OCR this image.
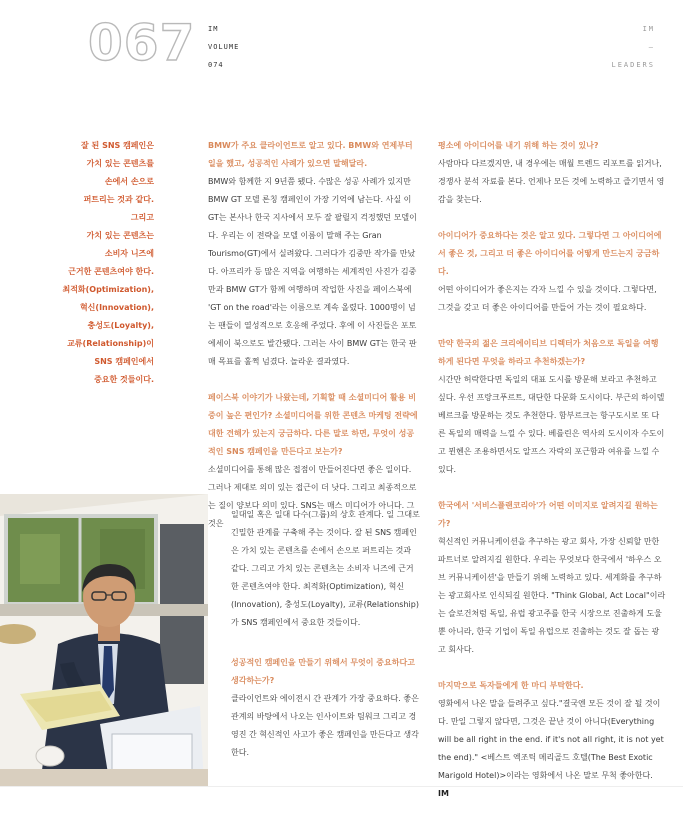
067 IM
VOLUME
074
IM
–
LEADERS
잘 된 SNS 캠페인은
가치 있는 콘텐츠를
손에서 손으로
퍼트리는 것과 같다.
그리고
가치 있는 콘텐츠는
소비자 니즈에
근거한 콘텐츠여야 한다.
최적화(Optimization),
혁신(Innovation),
충성도(Loyalty),
교류(Relationship)이
SNS 캠페인에서
중요한 것들이다.

BMW가 주요 클라이언트로 알고 있다. BMW와 연제부터 일을 했고, 성공적인 사례가 있으면 말해달라.

BMW와 함께한 지 9년쯤 됐다. 수많은 성공 사례가 있지만 BMW GT 모델 론칭 캠페인이 가장 기억에 남는다. 사실 이 GT는 본사나 한국 지사에서 모두 잘 팔릴지 걱정했던 모델이다. 우리는 이 전략을 모델 이름이 말해 주는 Gran Tourismo(GT)에서 실려왔다. 그러다가 김중만 작가를 만났다. 아프리카 등 많은 지역을 여행하는 세계적인 사진가 김중만과 BMW GT가 함께 여행하며 작업한 사진을 페이스북에 'GT on the road'라는 이름으로 계속 올렸다. 1000명이 넘는 팬들이 열성적으로 호응해 주었다. 후에 이 사진들은 포토 에세이 북으로도 발간됐다. 그러는 사이 BMW GT는 한국 판매 목표를 훌쩍 넘겼다. 놀라운 결과였다.

페이스북 이야기가 나왔는데, 기획할 때 소셜미디어 활용 비중이 높은 편인가? 소셜미디어를 위한 콘텐츠 마케팅 전략에 대한 견해가 있는지 궁금하다. 다른 말로 하면, 무엇이 성공적인 SNS 캠페인을 만든다고 보는가?

소셜미디어를 통해 많은 접점이 만들어진다면 좋은 일이다. 그러나 제대로 의미 있는 접근이 더 낫다. 그리고 최종적으로는 질이 양보다 의미 있다. SNS는 매스 미디어가 아니다. 그것은

일대일 혹은 일대 다수(그룹)의 상호 관계다. 일 그대로 긴밀한 관계를 구축해 주는 것이다. 잘 된 SNS 캠페인은 가치 있는 콘텐츠를 손에서 손으로 퍼트리는 것과 같다. 그리고 가치 있는 콘텐츠는 소비자 니즈에 근거한 콘텐츠여야 한다. 최적화(Optimization), 혁신(Innovation), 충성도(Loyalty), 교류(Relationship)가 SNS 캠페인에서 중요한 것들이다.

성공적인 캠페인을 만들기 위해서 무엇이 중요하다고 생각하는가?

클라이언트와 에이전시 간 관계가 가장 중요하다. 좋은 관계의 바탕에서 나오는 인사이트와 팀워크 그리고 경영진 간 혁신적인 사고가 좋은 캠페인을 만든다고 생각한다.

평소에 아이디어를 내기 위해 하는 것이 있나?

사람마다 다르겠지만, 내 경우에는 매월 트렌드 리포트를 읽거나, 경쟁사 분석 자료를 본다. 언제나 모든 것에 노력하고 즐기면서 영감을 찾는다.

아이디어가 중요하다는 것은 알고 있다. 그렇다면 그 아이디어에서 좋은 것, 그리고 더 좋은 아이디어를 어떻게 만드는지 궁금하다.

어떤 아이디어가 좋은지는 각자 느낄 수 있을 것이다. 그렇다면, 그것을 갖고 더 좋은 아이디어를 만들어 가는 것이 필요하다.

만약 한국의 젊은 크리에이티브 디렉터가 처음으로 독일을 여행하게 된다면 무엇을 하라고 추천하겠는가?

시간만 허락한다면 독일의 대표 도시를 방문해 보라고 추천하고 싶다. 우선 프랑크푸르트, 대단한 다문화 도시이다. 부근의 하이델베르크를 방문하는 것도 추천한다. 함부르크는 항구도시로 또 다른 독일의 매력을 느낄 수 있다. 베를린은 역사의 도시이자 수도이고 뮌헨은 조용하면서도 알프스 자락의 포근함과 여유를 느낄 수 있다.

한국에서 '서비스플랜코리아'가 어떤 이미지로 알려지길 원하는가?

혁신적인 커뮤니케이션을 추구하는 광고 회사, 가장 신뢰할 만한 파트너로 알려지길 원한다. 우리는 무엇보다 한국에서 '하우스 오브 커뮤니케이션'을 만들기 위해 노력하고 있다. 세계화를 추구하는 광고회사로 인식되길 원한다. "Think Global, Act Local"이라는 슬로건처럼 독일, 유럽 광고주를 한국 시장으로 진출하게 도울 뿐 아니라, 한국 기업이 독일 유럽으로 진출하는 것도 잘 돕는 광고 회사다.

마지막으로 독자들에게 한 마디 부탁한다.

영화에서 나온 말을 들려주고 싶다."결국엔 모든 것이 잘 될 것이다. 만일 그렇지 않다면, 그것은 끝난 것이 아니다(Everything will be all right in the end. if it's not all right, it is not yet the end)." <베스트 엑조틱 메리골드 호텔(The Best Exotic Marigold Hotel)>이라는 영화에서 나온 말로 무척 좋아한다. IM
